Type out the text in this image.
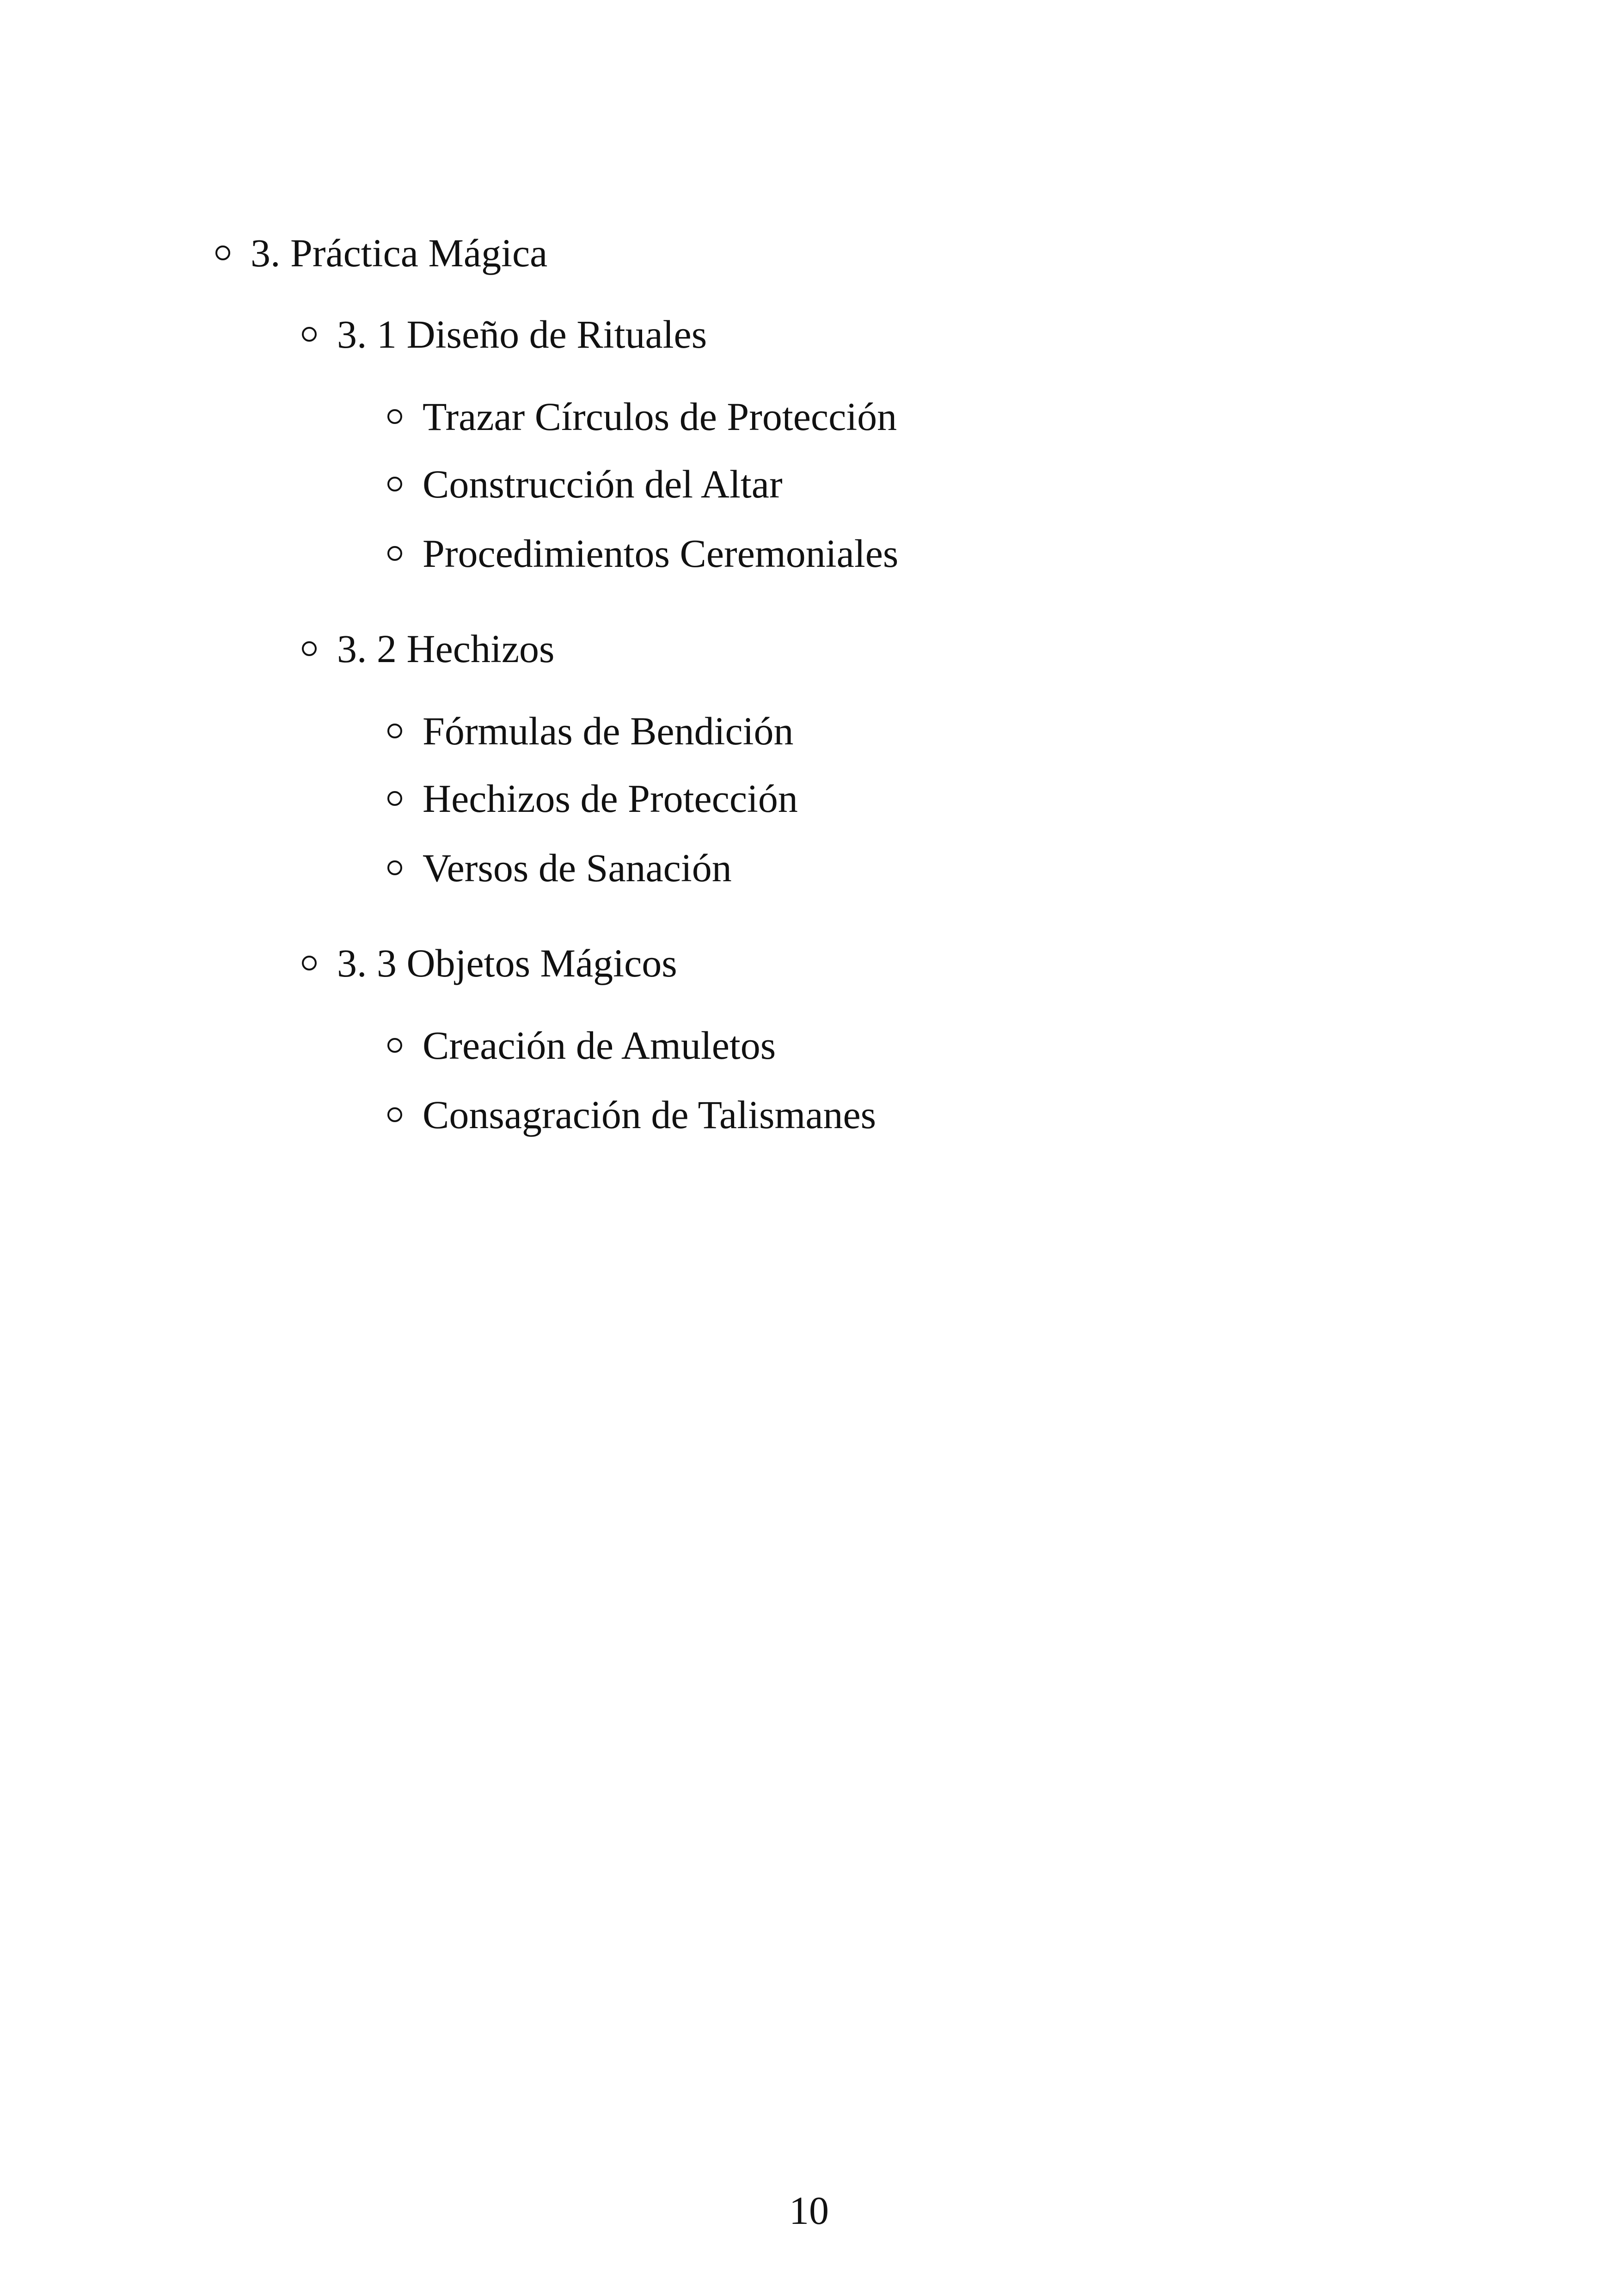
3. Práctica Mágica
3. 1 Diseño de Rituales
Trazar Círculos de Protección
Construcción del Altar
Procedimientos Ceremoniales
3. 2 Hechizos
Fórmulas de Bendición
Hechizos de Protección
Versos de Sanación
3. 3 Objetos Mágicos
Creación de Amuletos
Consagración de Talismanes
10
